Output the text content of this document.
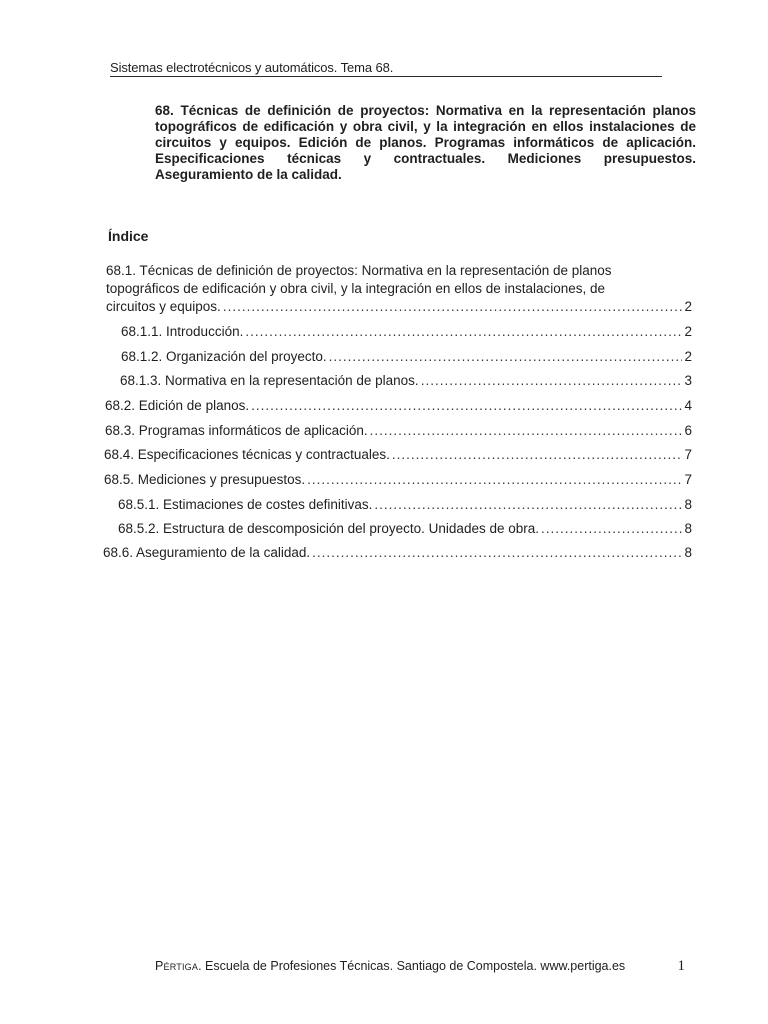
Sistemas electrotécnicos y automáticos. Tema 68.
68. Técnicas de definición de proyectos: Normativa en la representación planos topográficos de edificación y obra civil, y la integración en ellos instalaciones de circuitos y equipos. Edición de planos. Programas informáticos de aplicación. Especificaciones técnicas y contractuales. Mediciones presupuestos. Aseguramiento de la calidad.
Índice
68.1. Técnicas de definición de proyectos: Normativa en la representación de planos topográficos de edificación y obra civil, y la integración en ellos de instalaciones, de
circuitos y equipos. .....	2
68.1.1. Introducción. .....	2
68.1.2. Organización del proyecto. .....	2
68.1.3. Normativa en la representación de planos. .....	3
68.2. Edición de planos. .....	4
68.3. Programas informáticos de aplicación. .....	6
68.4. Especificaciones técnicas y contractuales. .....	7
68.5. Mediciones y presupuestos. .....	7
68.5.1. Estimaciones de costes definitivas. .....	8
68.5.2. Estructura de descomposición del proyecto. Unidades de obra. .....	8
68.6. Aseguramiento de la calidad. .....	8
Pértiga. Escuela de Profesiones Técnicas. Santiago de Compostela. www.pertiga.es	1
